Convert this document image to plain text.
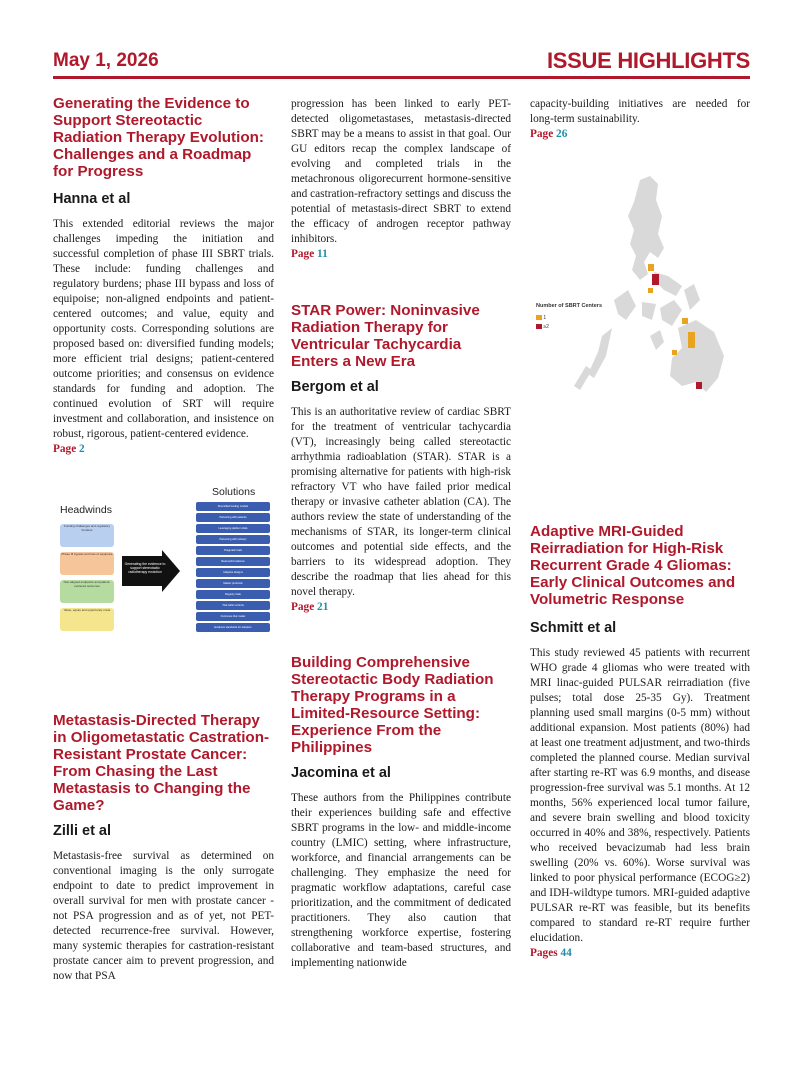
May 1, 2026	ISSUE HIGHLIGHTS
Generating the Evidence to Support Stereotactic Radiation Therapy Evolution: Challenges and a Roadmap for Progress
Hanna et al

This extended editorial reviews the major challenges impeding the initiation and successful completion of phase III SBRT trials. These include: funding challenges and regulatory burdens; phase III bypass and loss of equipoise; non-aligned endpoints and patient-centered outcomes; and value, equity and opportunity costs. Corresponding solutions are proposed based on: diversified funding models; more efficient trial designs; patient-centered outcome priorities; and consensus on evidence standards for funding and adoption. The continued evolution of SRT will require investment and collaboration, and insistence on robust, rigorous, patient-centered evidence.

Page 2
Headwinds
Solutions
Funding challenges and regulatory burdens
Phase III bypass and loss of equipoise
Non-aligned endpoints and patient-centered outcomes
Value, equity and opportunity costs
Generating the evidence to support stereotactic radiotherapy evolution
Diversified funding models
Partnering with patients
Leveraging platform trials
Partnering with industry
Pragmatic trials
Real-world evidence
Adaptive designs
Master protocols
Registry trials
Trial within cohorts
Outcomes that matter
Evidence standards for adoption
Metastasis-Directed Therapy in Oligometastatic Castration-Resistant Prostate Cancer: From Chasing the Last Metastasis to Changing the Game?
Zilli et al

Metastasis-free survival as determined on conventional imaging is the only surrogate endpoint to date to predict improvement in overall survival for men with prostate cancer - not PSA progression and as of yet, not PET-detected recurrence-free survival. However, many systemic therapies for castration-resistant prostate cancer aim to prevent progression, and now that PSA

progression has been linked to early PET-detected oligometastases, metastasis-directed SBRT may be a means to assist in that goal. Our GU editors recap the complex landscape of evolving and completed trials in the metachronous oligorecurrent hormone-sensitive and castration-refractory settings and discuss the potential of metastasis-direct SBRT to extend the efficacy of androgen receptor pathway inhibitors.

Page 11
STAR Power: Noninvasive Radiation Therapy for Ventricular Tachycardia Enters a New Era
Bergom et al

This is an authoritative review of cardiac SBRT for the treatment of ventricular tachycardia (VT), increasingly being called stereotactic arrhythmia radioablation (STAR). STAR is a promising alternative for patients with high-risk refractory VT who have failed prior medical therapy or invasive catheter ablation (CA). The authors review the state of understanding of the mechanisms of STAR, its longer-term clinical outcomes and potential side effects, and the barriers to its widespread adoption. They describe the roadmap that lies ahead for this novel therapy.

Page 21
Building Comprehensive Stereotactic Body Radiation Therapy Programs in a Limited-Resource Setting: Experience From the Philippines
Jacomina et al

These authors from the Philippines contribute their experiences building safe and effective SBRT programs in the low- and middle-income country (LMIC) setting, where infrastructure, workforce, and financial arrangements can be challenging. They emphasize the need for pragmatic workflow adaptations, careful case prioritization, and the commitment of dedicated practitioners. They also caution that strengthening workforce expertise, fostering collaborative and team-based structures, and implementing nationwide

capacity-building initiatives are needed for long-term sustainability.

Page 26
Number of SBRT Centers
1
≥2
Adaptive MRI-Guided Reirradiation for High-Risk Recurrent Grade 4 Gliomas: Early Clinical Outcomes and Volumetric Response
Schmitt et al

This study reviewed 45 patients with recurrent WHO grade 4 gliomas who were treated with MRI linac-guided PULSAR reirradiation (five pulses; total dose 25-35 Gy). Treatment planning used small margins (0-5 mm) without additional expansion. Most patients (80%) had at least one treatment adjustment, and two-thirds completed the planned course. Median survival after starting re-RT was 6.9 months, and disease progression-free survival was 5.1 months. At 12 months, 56% experienced local tumor failure, and severe brain swelling and blood toxicity occurred in 40% and 38%, respectively. Patients who received bevacizumab had less brain swelling (20% vs. 60%). Worse survival was linked to poor physical performance (ECOG≥2) and IDH-wildtype tumors. MRI-guided adaptive PULSAR re-RT was feasible, but its benefits compared to standard re-RT require further elucidation.

Pages 44
